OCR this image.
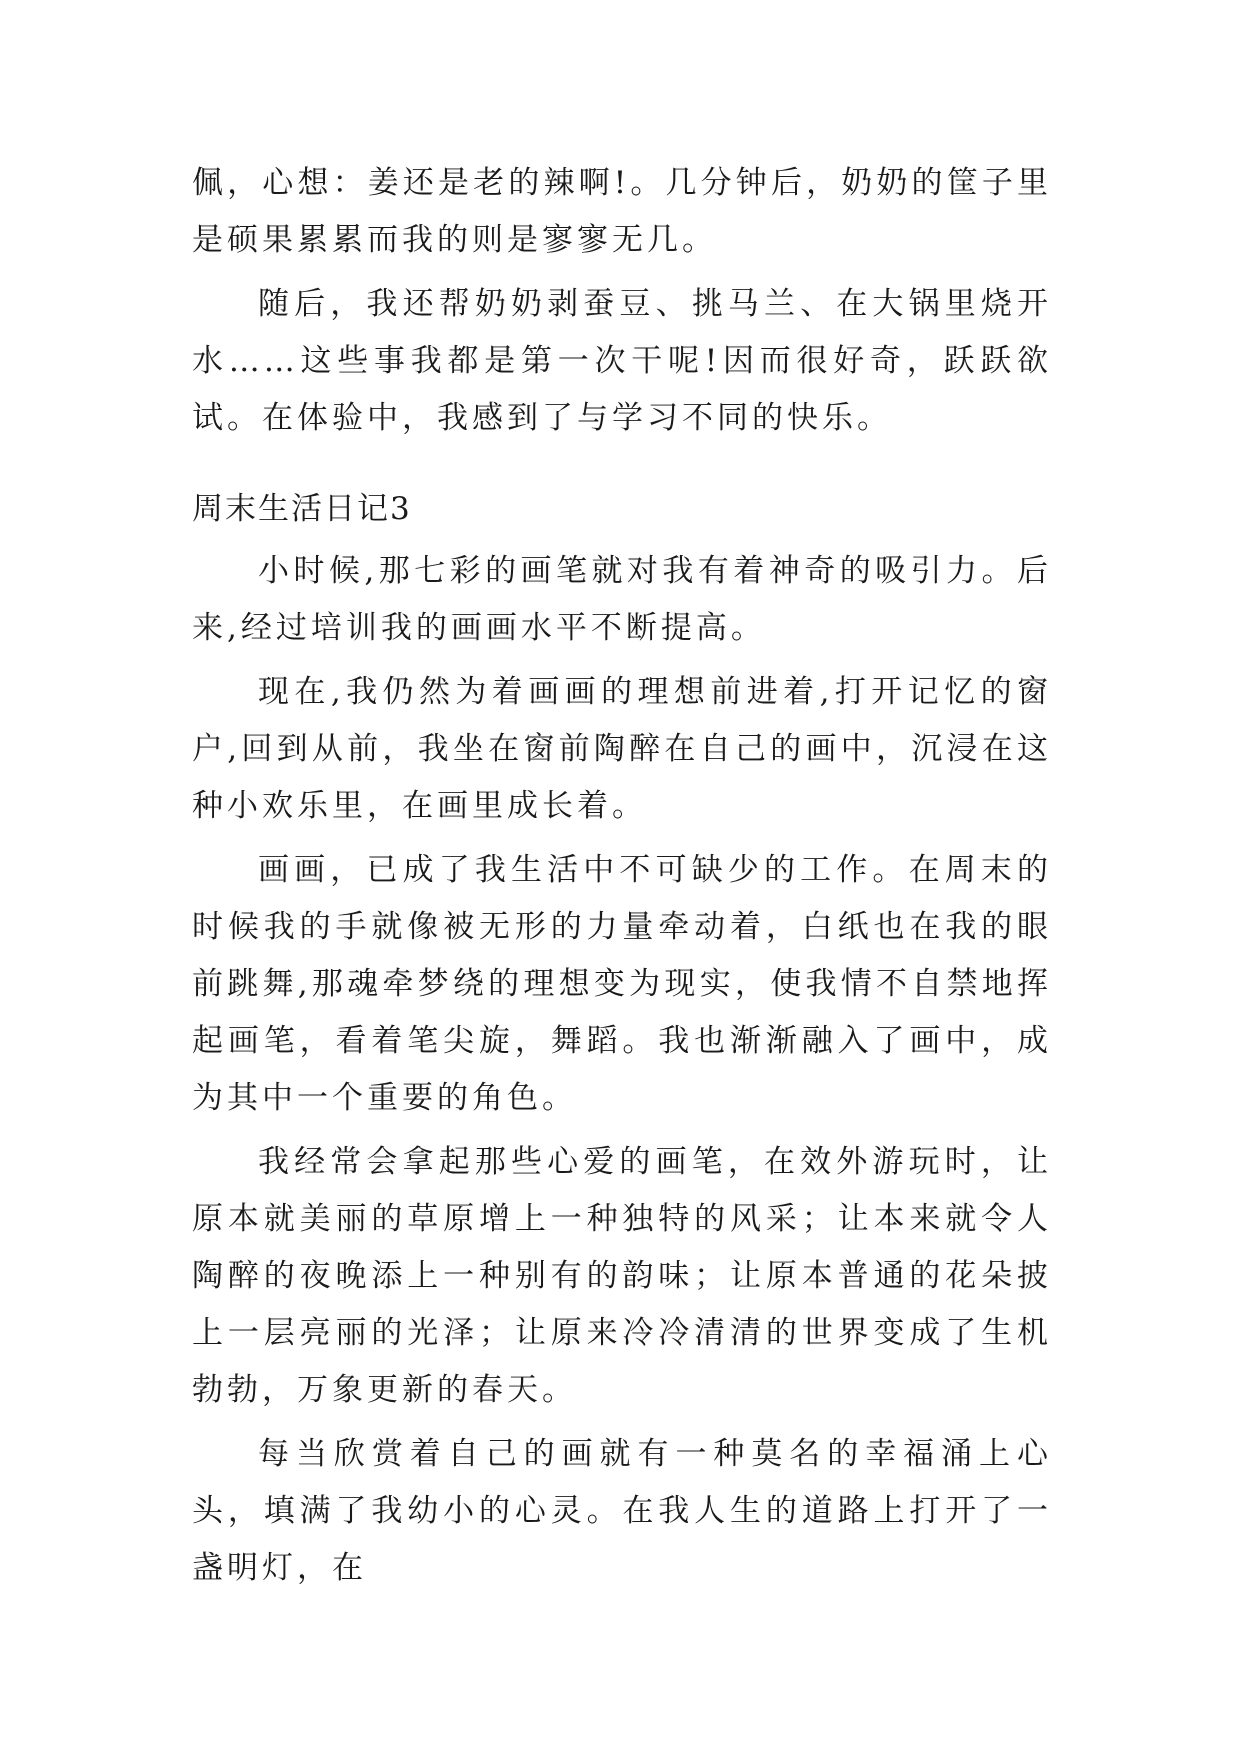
佩，心想：姜还是老的辣啊!。几分钟后，奶奶的筐子里是硕果累累而我的则是寥寥无几。

随后，我还帮奶奶剥蚕豆、挑马兰、在大锅里烧开水……这些事我都是第一次干呢!因而很好奇，跃跃欲试。在体验中，我感到了与学习不同的快乐。

周末生活日记3

小时候,那七彩的画笔就对我有着神奇的吸引力。后来,经过培训我的画画水平不断提高。

现在,我仍然为着画画的理想前进着,打开记忆的窗户,回到从前，我坐在窗前陶醉在自己的画中，沉浸在这种小欢乐里，在画里成长着。

画画，已成了我生活中不可缺少的工作。在周末的时候我的手就像被无形的力量牵动着，白纸也在我的眼前跳舞,那魂牵梦绕的理想变为现实，使我情不自禁地挥起画笔，看着笔尖旋，舞蹈。我也渐渐融入了画中，成为其中一个重要的角色。

我经常会拿起那些心爱的画笔，在效外游玩时，让原本就美丽的草原增上一种独特的风采；让本来就令人陶醉的夜晚添上一种别有的韵味；让原本普通的花朵披上一层亮丽的光泽；让原来冷冷清清的世界变成了生机勃勃，万象更新的春天。

每当欣赏着自己的画就有一种莫名的幸福涌上心头，填满了我幼小的心灵。在我人生的道路上打开了一盏明灯，在
